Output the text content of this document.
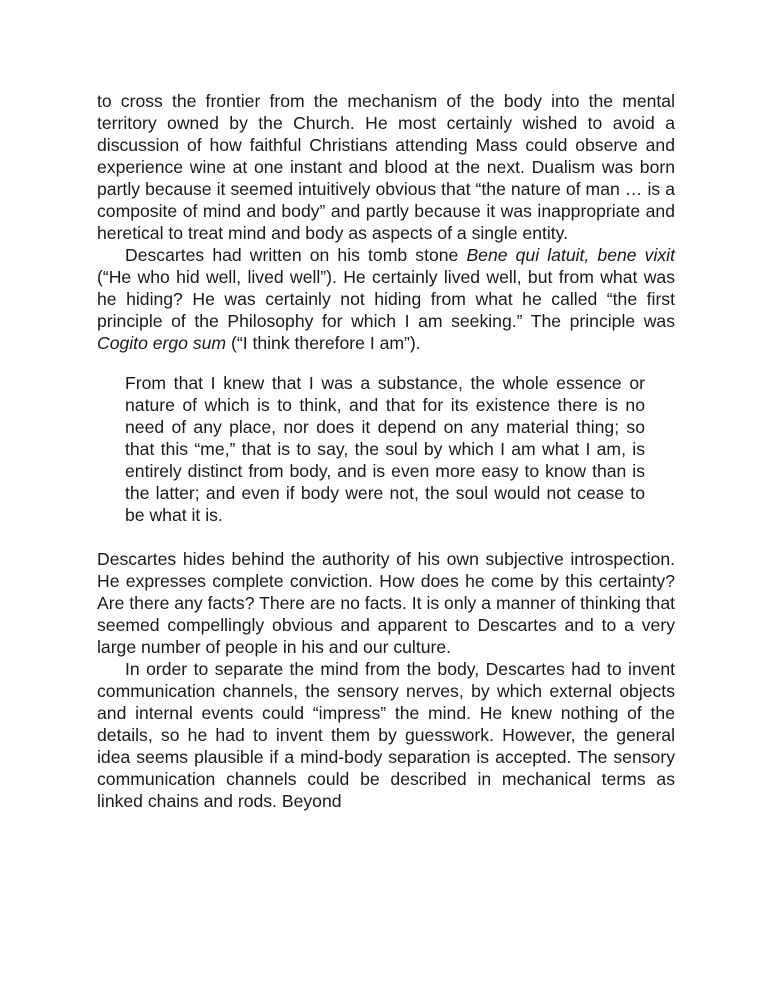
to cross the frontier from the mechanism of the body into the mental territory owned by the Church. He most certainly wished to avoid a discussion of how faithful Christians attending Mass could observe and experience wine at one instant and blood at the next. Dualism was born partly because it seemed intuitively obvious that “the nature of man … is a composite of mind and body” and partly because it was inappropriate and heretical to treat mind and body as aspects of a single entity.

Descartes had written on his tomb stone Bene qui latuit, bene vixit (“He who hid well, lived well”). He certainly lived well, but from what was he hiding? He was certainly not hiding from what he called “the first principle of the Philosophy for which I am seeking.” The principle was Cogito ergo sum (“I think therefore I am”).

From that I knew that I was a substance, the whole essence or nature of which is to think, and that for its existence there is no need of any place, nor does it depend on any material thing; so that this “me,” that is to say, the soul by which I am what I am, is entirely distinct from body, and is even more easy to know than is the latter; and even if body were not, the soul would not cease to be what it is.

Descartes hides behind the authority of his own subjective introspection. He expresses complete conviction. How does he come by this certainty? Are there any facts? There are no facts. It is only a manner of thinking that seemed compellingly obvious and apparent to Descartes and to a very large number of people in his and our culture.

In order to separate the mind from the body, Descartes had to invent communication channels, the sensory nerves, by which external objects and internal events could “impress” the mind. He knew nothing of the details, so he had to invent them by guesswork. However, the general idea seems plausible if a mind-body separation is accepted. The sensory communication channels could be described in mechanical terms as linked chains and rods. Beyond
